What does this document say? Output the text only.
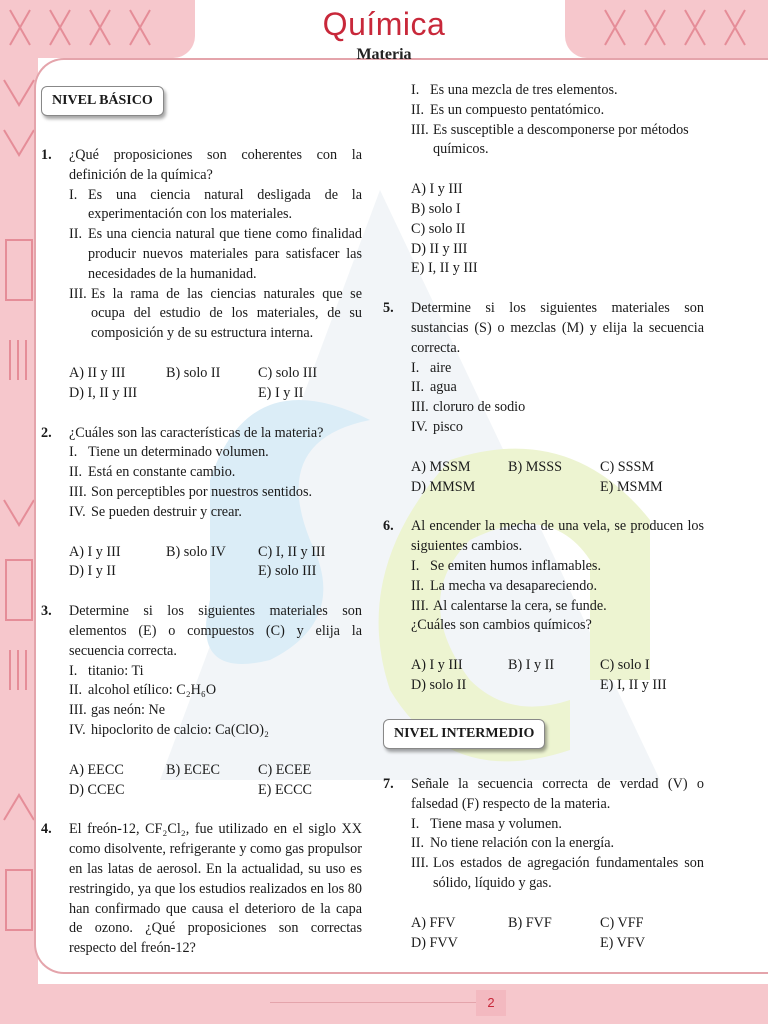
Química
Materia
NIVEL BÁSICO
NIVEL INTERMEDIO
1. ¿Qué proposiciones son coherentes con la definición de la química?
I. Es una ciencia natural desligada de la experimentación con los materiales.
II. Es una ciencia natural que tiene como finalidad producir nuevos materiales para satisfacer las necesidades de la humanidad.
III. Es la rama de las ciencias naturales que se ocupa del estudio de los materiales, de su composición y de su estructura interna.
A) II y III	B) solo II	C) solo III
D) I, II y III	E) I y II
2. ¿Cuáles son las características de la materia?
I. Tiene un determinado volumen.
II. Está en constante cambio.
III. Son perceptibles por nuestros sentidos.
IV. Se pueden destruir y crear.
A) I y III	B) solo IV	C) I, II y III
D) I y II	E) solo III
3. Determine si los siguientes materiales son elementos (E) o compuestos (C) y elija la secuencia correcta.
I. titanio: Ti
II. alcohol etílico: C₂H₆O
III. gas neón: Ne
IV. hipoclorito de calcio: Ca(ClO)₂
A) EECC	B) ECEC	C) ECEE
D) CCEC	E) ECCC
4. El freón-12, CF₂Cl₂, fue utilizado en el siglo XX como disolvente, refrigerante y como gas propulsor en las latas de aerosol. En la actualidad, su uso es restringido, ya que los estudios realizados en los 80 han confirmado que causa el deterioro de la capa de ozono. ¿Qué proposiciones son correctas respecto del freón-12?
I. Es una mezcla de tres elementos.
II. Es un compuesto pentatómico.
III. Es susceptible a descomponerse por métodos químicos.
A) I y III
B) solo I
C) solo II
D) II y III
E) I, II y III
5. Determine si los siguientes materiales son sustancias (S) o mezclas (M) y elija la secuencia correcta.
I. aire
II. agua
III. cloruro de sodio
IV. pisco
A) MSSM	B) MSSS	C) SSSM
D) MMSM	E) MSMM
6. Al encender la mecha de una vela, se producen los siguientes cambios.
I. Se emiten humos inflamables.
II. La mecha va desapareciendo.
III. Al calentarse la cera, se funde.
¿Cuáles son cambios químicos?
A) I y III	B) I y II	C) solo I
D) solo II	E) I, II y III
7. Señale la secuencia correcta de verdad (V) o falsedad (F) respecto de la materia.
I. Tiene masa y volumen.
II. No tiene relación con la energía.
III. Los estados de agregación fundamentales son sólido, líquido y gas.
A) FFV	B) FVF	C) VFF
D) FVV	E) VFV
2
